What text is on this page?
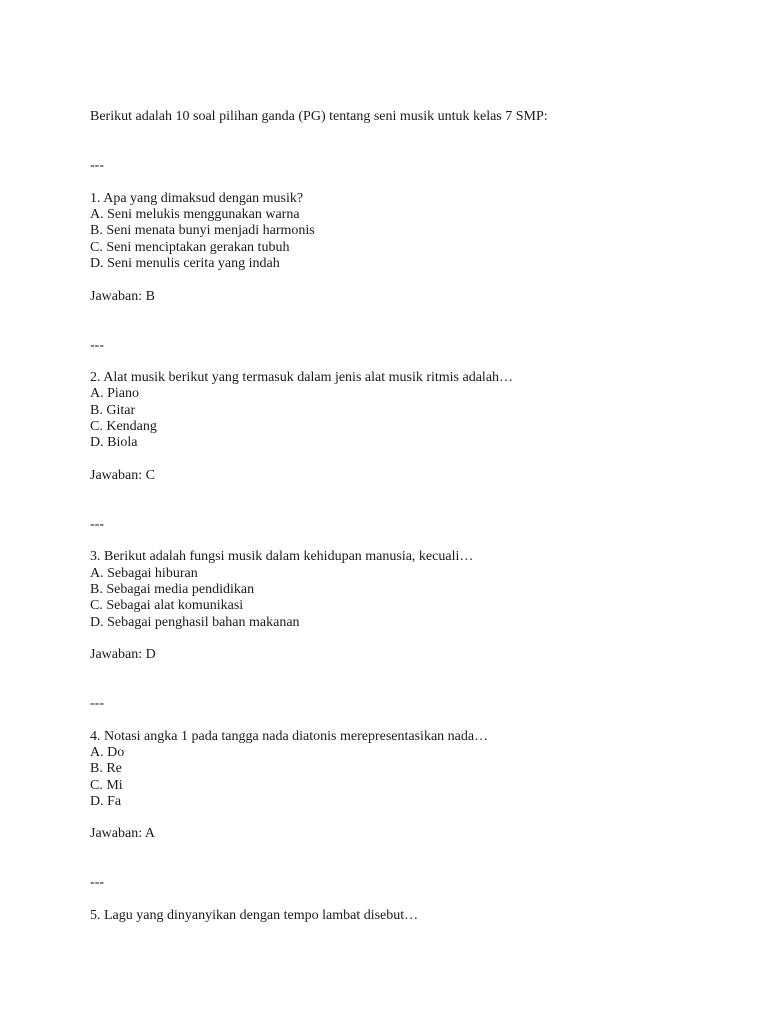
Berikut adalah 10 soal pilihan ganda (PG) tentang seni musik untuk kelas 7 SMP:

---

1. Apa yang dimaksud dengan musik?

A. Seni melukis menggunakan warna
B. Seni menata bunyi menjadi harmonis
C. Seni menciptakan gerakan tubuh
D. Seni menulis cerita yang indah

Jawaban: B

---

2. Alat musik berikut yang termasuk dalam jenis alat musik ritmis adalah…

A. Piano
B. Gitar
C. Kendang
D. Biola

Jawaban: C

---

3. Berikut adalah fungsi musik dalam kehidupan manusia, kecuali…

A. Sebagai hiburan
B. Sebagai media pendidikan
C. Sebagai alat komunikasi
D. Sebagai penghasil bahan makanan

Jawaban: D

---

4. Notasi angka 1 pada tangga nada diatonis merepresentasikan nada…

A. Do
B. Re
C. Mi
D. Fa

Jawaban: A

---

5. Lagu yang dinyanyikan dengan tempo lambat disebut…
